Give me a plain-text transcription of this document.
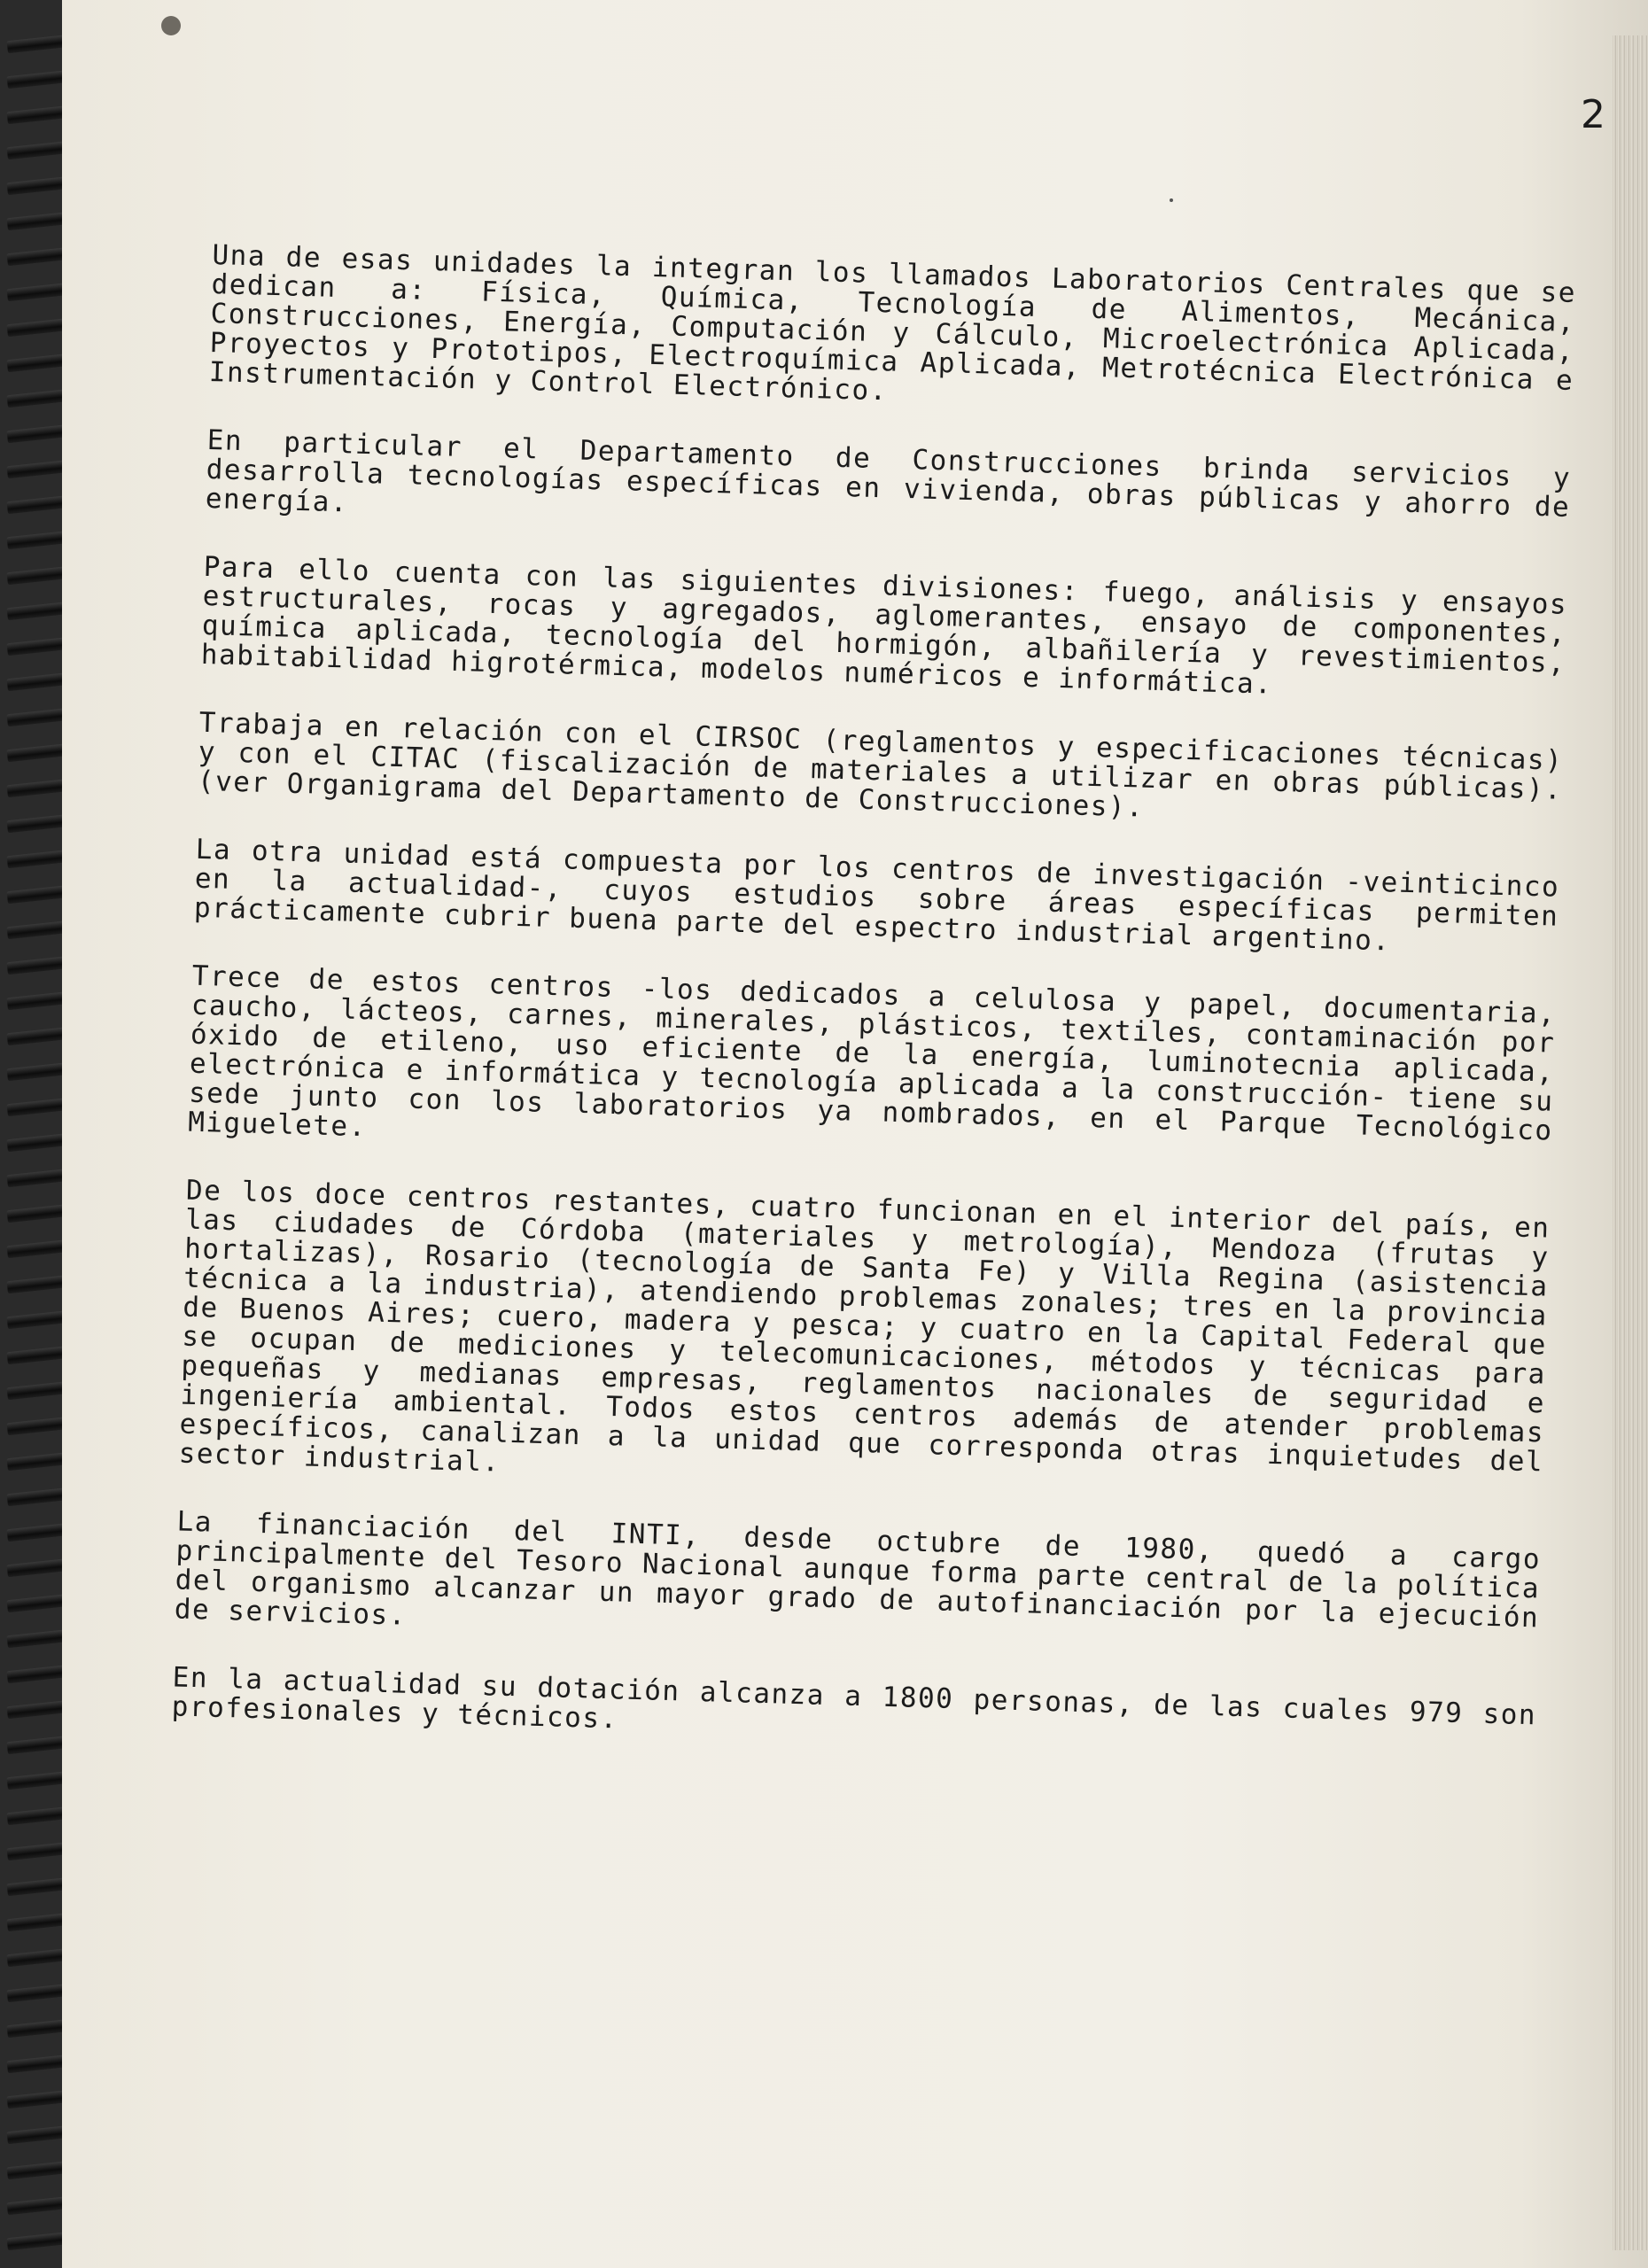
2

Una de esas unidades la integran los llamados Laboratorios Centrales que se dedican a: Física, Química, Tecnología de Alimentos, Mecánica, Construcciones, Energía, Computación y Cálculo, Microelectrónica Aplicada, Proyectos y Prototipos, Electroquímica Aplicada, Metrotécnica Electrónica e Instrumentación y Control Electrónico.

En particular el Departamento de Construcciones brinda servicios y desarrolla tecnologías específicas en vivienda, obras públicas y ahorro de energía.

Para ello cuenta con las siguientes divisiones: fuego, análisis y ensayos estructurales, rocas y agregados, aglomerantes, ensayo de componentes, química aplicada, tecnología del hormigón, albañilería y revestimientos, habitabilidad higrotérmica, modelos numéricos e informática.

Trabaja en relación con el CIRSOC (reglamentos y especificaciones técnicas) y con el CITAC (fiscalización de materiales a utilizar en obras públicas). (ver Organigrama del Departamento de Construcciones).

La otra unidad está compuesta por los centros de investigación -veinticinco en la actualidad-, cuyos estudios sobre áreas específicas permiten prácticamente cubrir buena parte del espectro industrial argentino.

Trece de estos centros -los dedicados a celulosa y papel, documentaria, caucho, lácteos, carnes, minerales, plásticos, textiles, contaminación por óxido de etileno, uso eficiente de la energía, luminotecnia aplicada, electrónica e informática y tecnología aplicada a la construcción- tiene su sede junto con los laboratorios ya nombrados, en el Parque Tecnológico Miguelete.

De los doce centros restantes, cuatro funcionan en el interior del país, en las ciudades de Córdoba (materiales y metrología), Mendoza (frutas y hortalizas), Rosario (tecnología de Santa Fe) y Villa Regina (asistencia técnica a la industria), atendiendo problemas zonales; tres en la provincia de Buenos Aires; cuero, madera y pesca; y cuatro en la Capital Federal que se ocupan de mediciones y telecomunicaciones, métodos y técnicas para pequeñas y medianas empresas, reglamentos nacionales de seguridad e ingeniería ambiental. Todos estos centros además de atender problemas específicos, canalizan a la unidad que corresponda otras inquietudes del sector industrial.

La financiación del INTI, desde octubre de 1980, quedó a cargo principalmente del Tesoro Nacional aunque forma parte central de la política del organismo alcanzar un mayor grado de autofinanciación por la ejecución de servicios.

En la actualidad su dotación alcanza a 1800 personas, de las cuales 979 son profesionales y técnicos.
